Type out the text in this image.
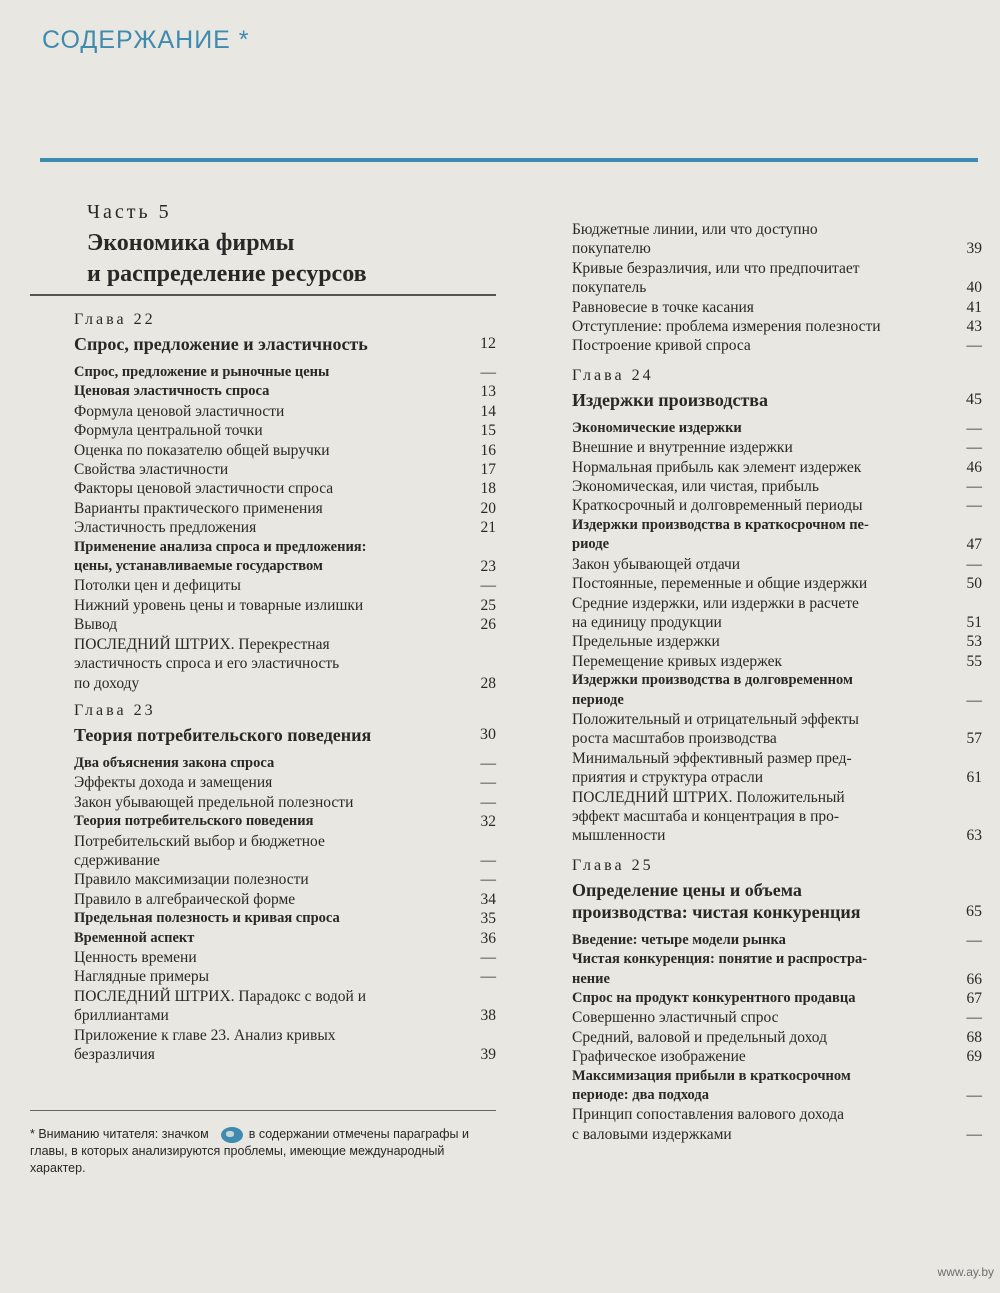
СОДЕРЖАНИЕ *
Часть 5
Экономика фирмы
и распределение ресурсов
Глава 22
Спрос, предложение и эластичность	12
Спрос, предложение и рыночные цены	—
Ценовая эластичность спроса	13
Формула ценовой эластичности	14
Формула центральной точки	15
Оценка по показателю общей выручки	16
Свойства эластичности	17
Факторы ценовой эластичности спроса	18
Варианты практического применения	20
Эластичность предложения	21
Применение анализа спроса и предложения:
цены, устанавливаемые государством	23
Потолки цен и дефициты	—
Нижний уровень цены и товарные излишки	25
Вывод	26
ПОСЛЕДНИЙ ШТРИХ. Перекрестная
эластичность спроса и его эластичность
по доходу	28
Глава 23
Теория потребительского поведения	30
Два объяснения закона спроса	—
Эффекты дохода и замещения	—
Закон убывающей предельной полезности	—
Теория потребительского поведения	32
Потребительский выбор и бюджетное
сдерживание	—
Правило максимизации полезности	—
Правило в алгебраической форме	34
Предельная полезность и кривая спроса	35
Временной аспект	36
Ценность времени	—
Наглядные примеры	—
ПОСЛЕДНИЙ ШТРИХ. Парадокс с водой и
бриллиантами	38
Приложение к главе 23. Анализ кривых
безразличия	39
Бюджетные линии, или что доступно
покупателю	39
Кривые безразличия, или что предпочитает
покупатель	40
Равновесие в точке касания	41
Отступление: проблема измерения полезности	43
Построение кривой спроса	—
Глава 24
Издержки производства	45
Экономические издержки	—
Внешние и внутренние издержки	—
Нормальная прибыль как элемент издержек	46
Экономическая, или чистая, прибыль	—
Краткосрочный и долговременный периоды	—
Издержки производства в краткосрочном пе-
риоде	47
Закон убывающей отдачи	—
Постоянные, переменные и общие издержки	50
Средние издержки, или издержки в расчете
на единицу продукции	51
Предельные издержки	53
Перемещение кривых издержек	55
Издержки производства в долговременном
периоде	—
Положительный и отрицательный эффекты
роста масштабов производства	57
Минимальный эффективный размер пред-
приятия и структура отрасли	61
ПОСЛЕДНИЙ ШТРИХ. Положительный
эффект масштаба и концентрация в про-
мышленности	63
Глава 25
Определение цены и объема производства: чистая конкуренция	65
Введение: четыре модели рынка	—
Чистая конкуренция: понятие и распростра-
нение	66
Спрос на продукт конкурентного продавца	67
Совершенно эластичный спрос	—
Средний, валовой и предельный доход	68
Графическое изображение	69
Максимизация прибыли в краткосрочном
периоде: два подхода	—
Принцип сопоставления валового дохода
с валовыми издержками	—
* Вниманию читателя: значком	в содержании отмечены параграфы и главы, в которых анализируются проблемы, имеющие международный характер.
www.ay.by
